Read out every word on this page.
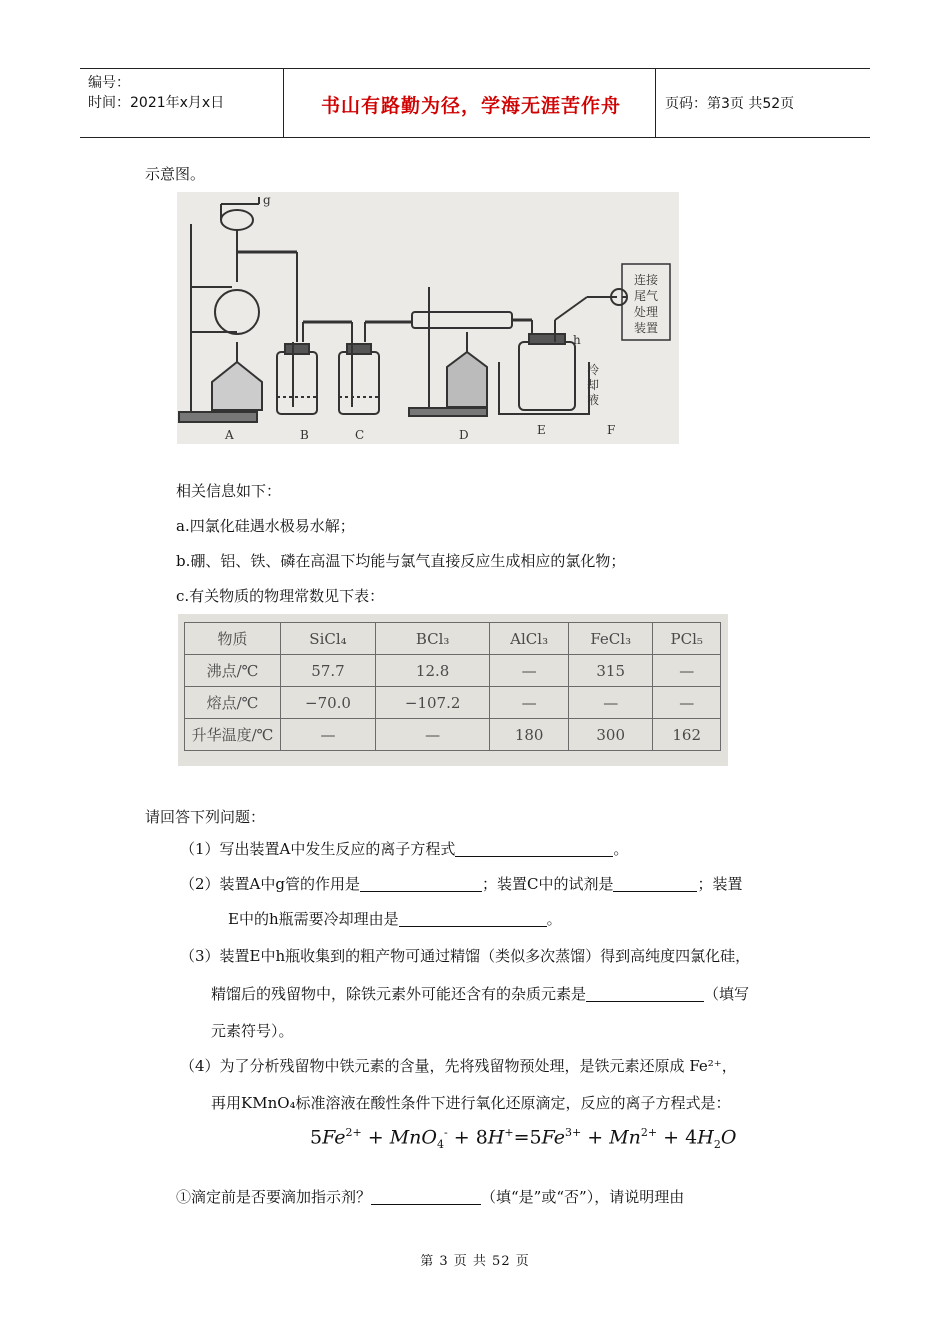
编号：
时间：2021年x月x日	书山有路勤为径，学海无涯苦作舟	页码：第3页 共52页
示意图。
g
h
连接
尾气
处理
装置
冷
却
液
A	B	C	D	E	F
相关信息如下：
a.四氯化硅遇水极易水解；
b.硼、铝、铁、磷在高温下均能与氯气直接反应生成相应的氯化物；
c.有关物质的物理常数见下表：
物质	SiCl₄	BCl₃	AlCl₃	FeCl₃	PCl₅
沸点/℃	57.7	12.8	—	315	—
熔点/℃	−70.0	−107.2	—	—	—
升华温度/℃	—	—	180	300	162
请回答下列问题：
（1）写出装置A中发生反应的离子方程式	。
（2）装置A中g管的作用是	；装置C中的试剂是	；装置
E中的h瓶需要冷却理由是	。
（3）装置E中h瓶收集到的粗产物可通过精馏（类似多次蒸馏）得到高纯度四氯化硅，
精馏后的残留物中，除铁元素外可能还含有的杂质元素是	（填写
元素符号）。
（4）为了分析残留物中铁元素的含量，先将残留物预处理，是铁元素还原成 Fe²⁺，
再用KMnO₄标准溶液在酸性条件下进行氧化还原滴定，反应的离子方程式是：
$5Fe^{2+} + MnO_4^- + 8H^+=5Fe^{3+} + Mn^{2+} + 4H_2O$
①滴定前是否要滴加指示剂？	（填“是”或“否”），请说明理由
第 3 页 共 52 页
